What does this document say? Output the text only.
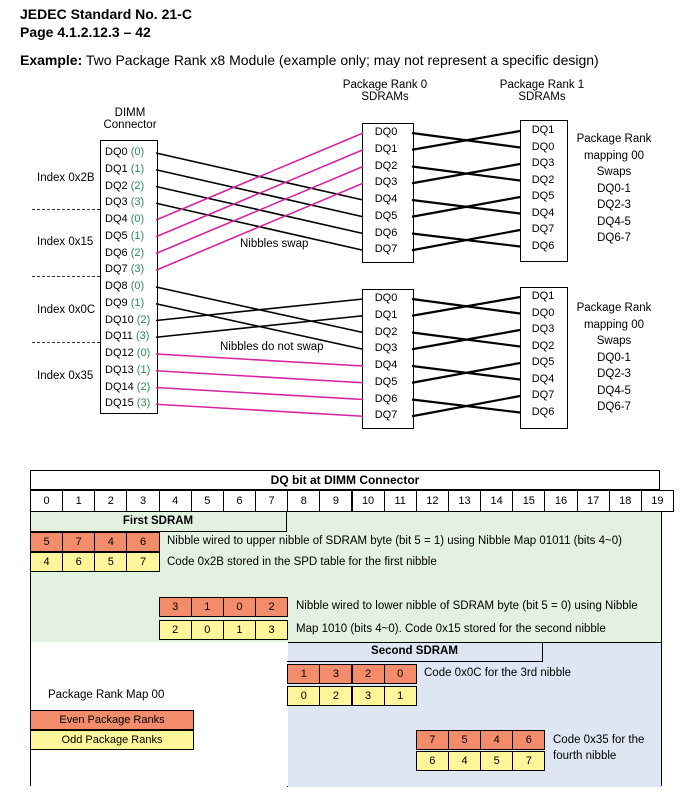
JEDEC Standard No. 21-C
Page 4.1.2.12.3 – 42
Example: Two Package Rank x8 Module (example only; may not represent a specific design)
DIMM
Connector
DQ0 (0)
DQ1 (1)
DQ2 (2)
DQ3 (3)
DQ4 (0)
DQ5 (1)
DQ6 (2)
DQ7 (3)
DQ8 (0)
DQ9 (1)
DQ10 (2)
DQ11 (3)
DQ12 (0)
DQ13 (1)
DQ14 (2)
DQ15 (3)
Index 0x2B
Index 0x15
Index 0x0C
Index 0x35
Package Rank 0
SDRAMs
Package Rank 1
SDRAMs
DQ0
DQ1
DQ2
DQ3
DQ4
DQ5
DQ6
DQ7
DQ1
DQ0
DQ3
DQ2
DQ5
DQ4
DQ7
DQ6
DQ0
DQ1
DQ2
DQ3
DQ4
DQ5
DQ6
DQ7
DQ1
DQ0
DQ3
DQ2
DQ5
DQ4
DQ7
DQ6
Nibbles swap
Nibbles do not swap
Package Rank
mapping 00
Swaps
DQ0-1
DQ2-3
DQ4-5
DQ6-7
Package Rank
mapping 00
Swaps
DQ0-1
DQ2-3
DQ4-5
DQ6-7
DQ bit at DIMM Connector
0	1	2	3	4	5	6	7	8	9	10	11	12	13	14	15	16	17	18	19
First SDRAM
Second SDRAM
5	7	4	6
4	6	5	7
3	1	0	2
2	0	1	3
1	3	2	0
0	2	3	1
7	5	4	6
6	4	5	7
Nibble wired to upper nibble of SDRAM byte (bit 5 = 1) using Nibble Map 01011 (bits 4~0)
Code 0x2B stored in the SPD table for the first nibble
Nibble wired to lower nibble of SDRAM byte (bit 5 = 0) using Nibble
Map 1010 (bits 4~0). Code 0x15 stored for the second nibble
Code 0x0C for the 3rd nibble
Code 0x35 for the
fourth nibble
Package Rank Map 00
Even Package Ranks
Odd Package Ranks
